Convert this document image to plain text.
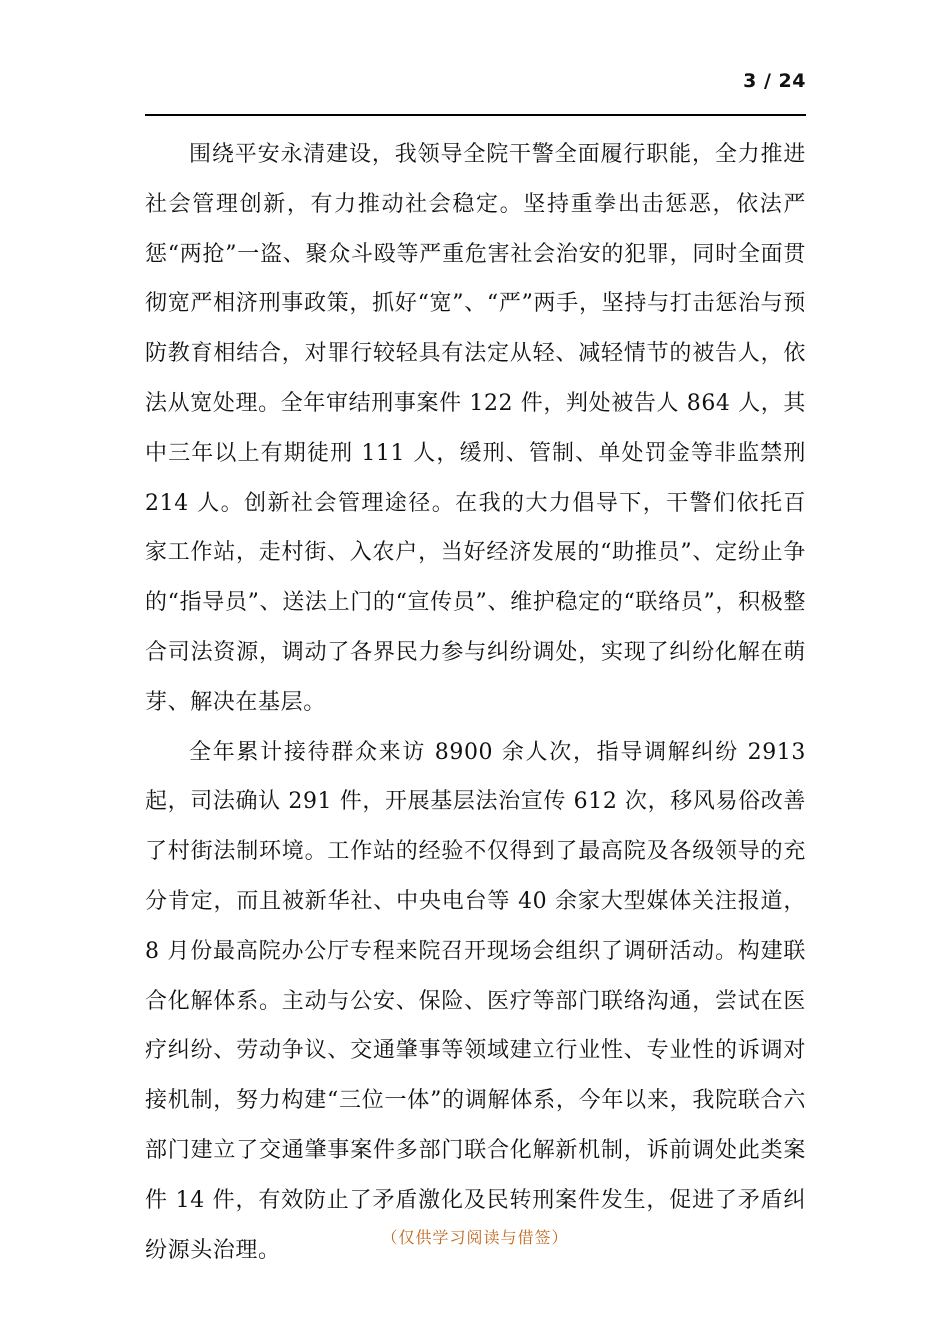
3 / 24

围绕平安永清建设，我领导全院干警全面履行职能，全力推进社会管理创新，有力推动社会稳定。坚持重拳出击惩恶，依法严惩“两抢”一盗、聚众斗殴等严重危害社会治安的犯罪，同时全面贯彻宽严相济刑事政策，抓好“宽”、“严”两手，坚持与打击惩治与预防教育相结合，对罪行较轻具有法定从轻、减轻情节的被告人，依法从宽处理。全年审结刑事案件 122 件，判处被告人 864 人，其中三年以上有期徒刑 111 人，缓刑、管制、单处罚金等非监禁刑 214 人。创新社会管理途径。在我的大力倡导下，干警们依托百家工作站，走村街、入农户，当好经济发展的“助推员”、定纷止争的“指导员”、送法上门的“宣传员”、维护稳定的“联络员”，积极整合司法资源，调动了各界民力参与纠纷调处，实现了纠纷化解在萌芽、解决在基层。

全年累计接待群众来访 8900 余人次，指导调解纠纷 2913 起，司法确认 291 件，开展基层法治宣传 612 次，移风易俗改善了村街法制环境。工作站的经验不仅得到了最高院及各级领导的充分肯定，而且被新华社、中央电台等 40 余家大型媒体关注报道，8 月份最高院办公厅专程来院召开现场会组织了调研活动。构建联合化解体系。主动与公安、保险、医疗等部门联络沟通，尝试在医疗纠纷、劳动争议、交通肇事等领域建立行业性、专业性的诉调对接机制，努力构建“三位一体”的调解体系，今年以来，我院联合六部门建立了交通肇事案件多部门联合化解新机制，诉前调处此类案件 14 件，有效防止了矛盾激化及民转刑案件发生，促进了矛盾纠纷源头治理。

（仅供学习阅读与借签）
